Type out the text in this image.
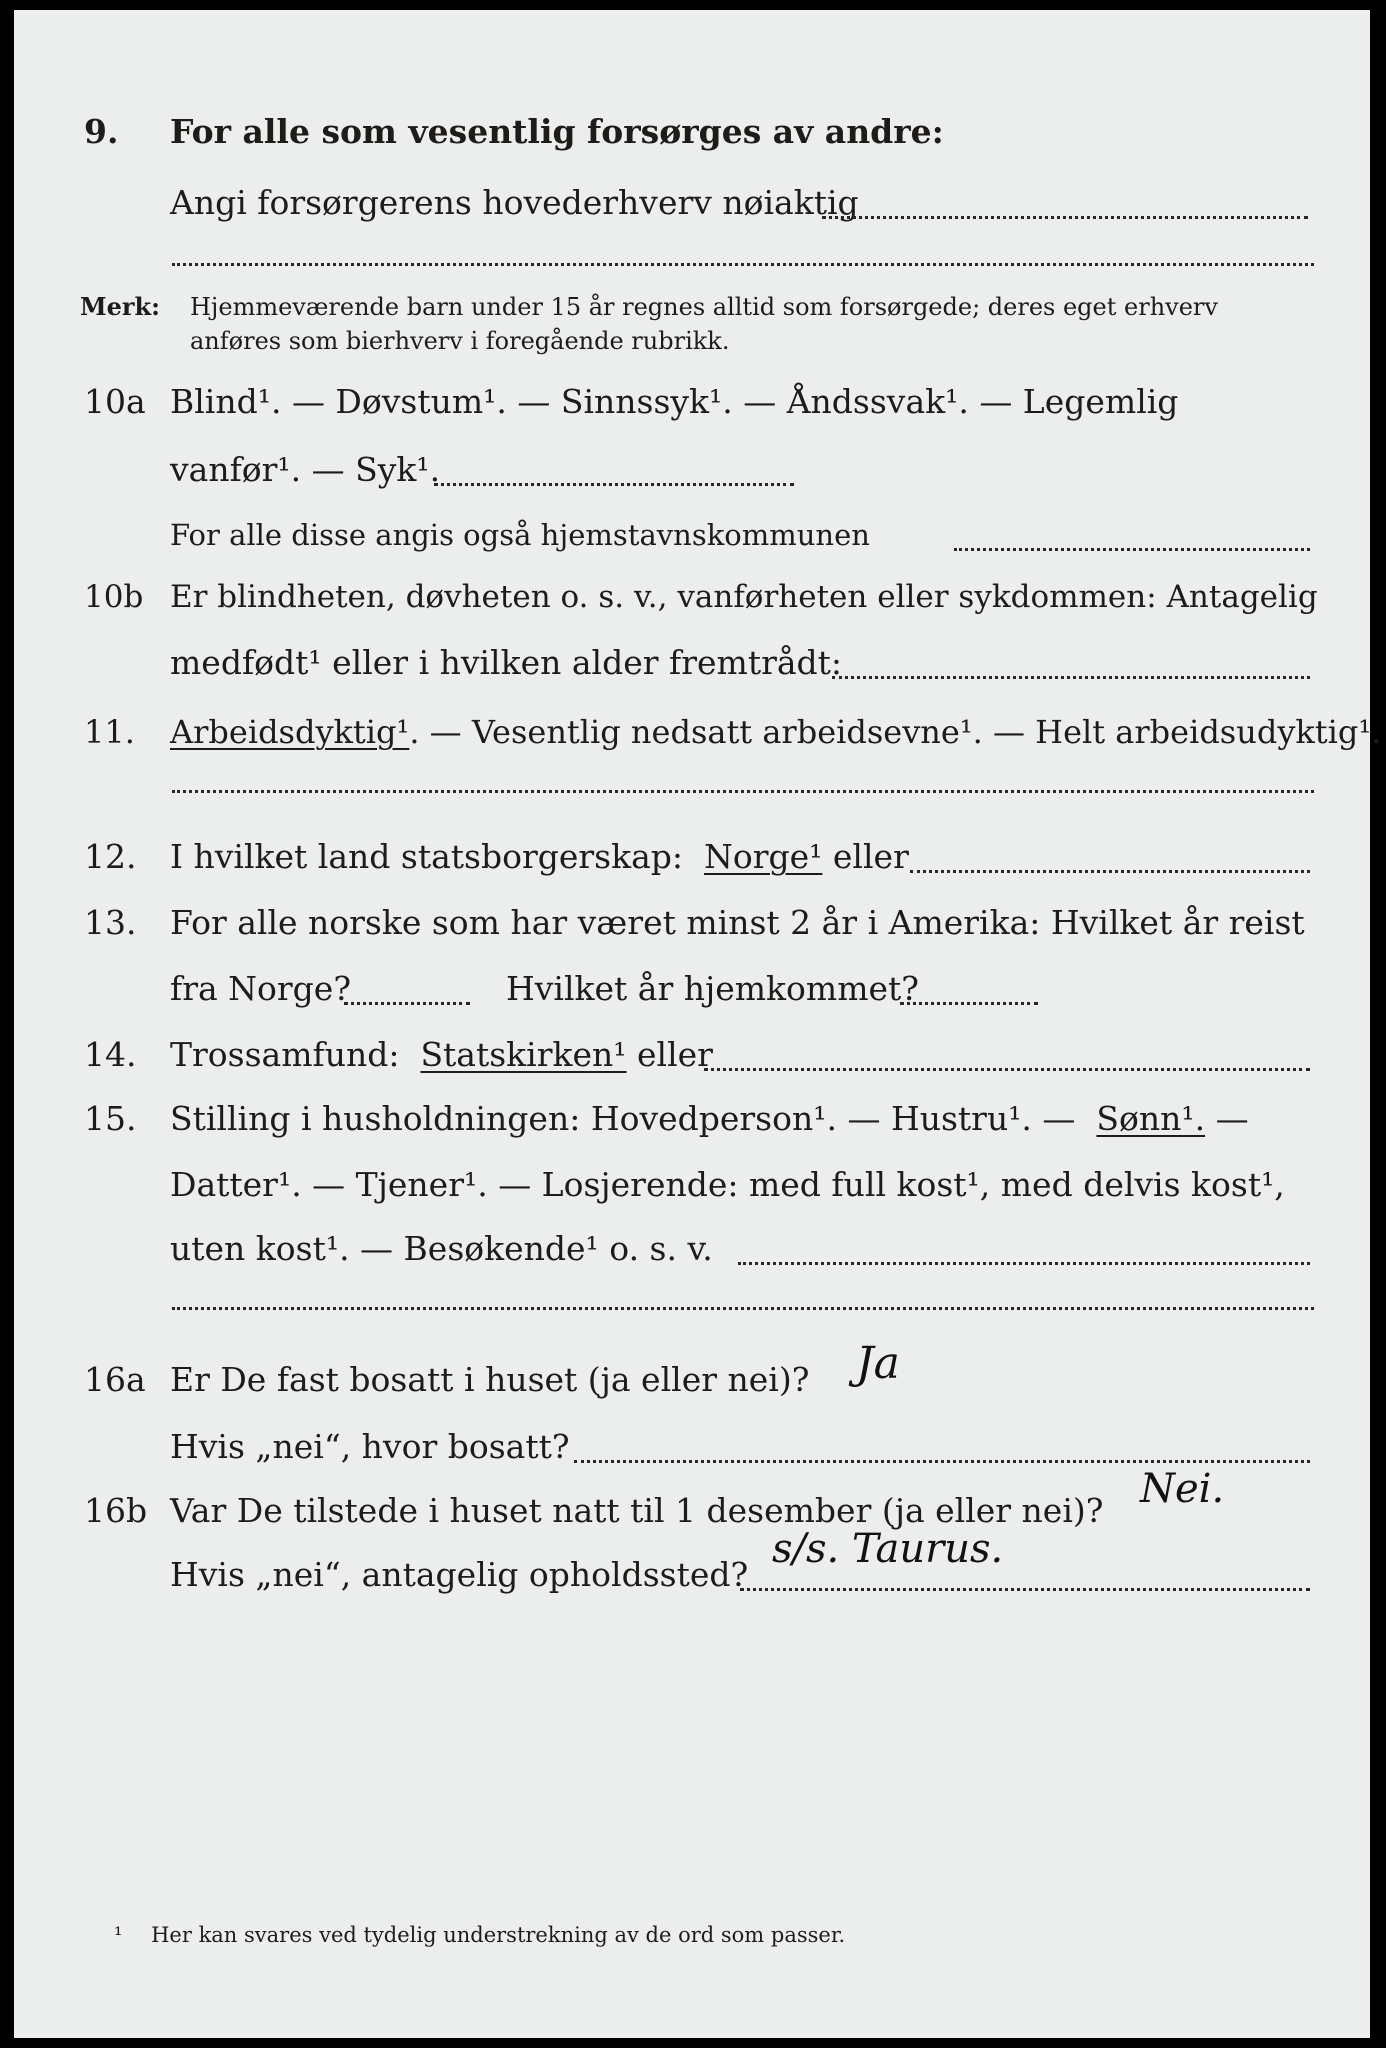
9. For alle som vesentlig forsørges av andre:
Angi forsørgerens hovederhverv nøiaktig
Merk: Hjemmeværende barn under 15 år regnes alltid som forsørgede; deres eget erhverv
anføres som bierhverv i foregående rubrikk.
10a Blind¹. — Døvstum¹. — Sinnssyk¹. — Åndssvak¹. — Legemlig
vanfør¹. — Syk¹.
For alle disse angis også hjemstavnskommunen
10b Er blindheten, døvheten o. s. v., vanførheten eller sykdommen: Antagelig
medfødt¹ eller i hvilken alder fremtrådt:
11. Arbeidsdyktig¹. — Vesentlig nedsatt arbeidsevne¹. — Helt arbeidsudyktig¹.
12. I hvilket land statsborgerskap: Norge¹ eller
13. For alle norske som har været minst 2 år i Amerika: Hvilket år reist
fra Norge?	Hvilket år hjemkommet?
14. Trossamfund: Statskirken¹ eller
15. Stilling i husholdningen: Hovedperson¹. — Hustru¹. — Sønn¹. —
Datter¹. — Tjener¹. — Losjerende: med full kost¹, med delvis kost¹,
uten kost¹. — Besøkende¹ o. s. v.
16a Er De fast bosatt i huset (ja eller nei)? Ja
Hvis „nei“, hvor bosatt?
16b Var De tilstede i huset natt til 1 desember (ja eller nei)? Nei.
Hvis „nei“, antagelig opholdssted?
s/s. Taurus.
¹ Her kan svares ved tydelig understrekning av de ord som passer.
